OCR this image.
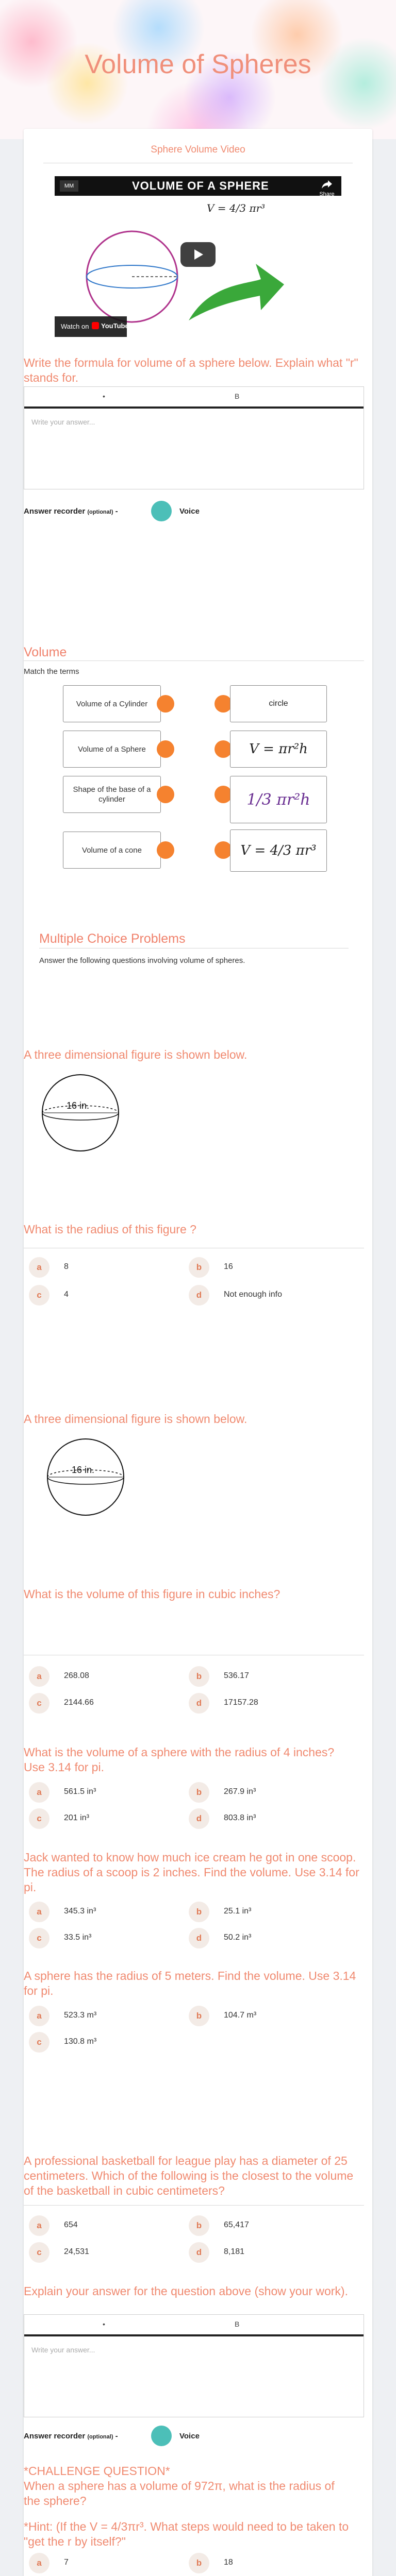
Volume of Spheres
Sphere Volume Video
MM	VOLUME OF A SPHERE
V = 4/3 πr³
Share
Watch on YouTube
Write the formula for volume of a sphere below. Explain what "r" stands for.
•	B
Write your answer...
Answer recorder (optional) -	Voice
Volume
Match the terms
Volume of a Cylinder	circle
Volume of a Sphere	V = πr²h
Shape of the base of a cylinder	1/3 πr²h
Volume of a cone	V = 4/3 πr³
Multiple Choice Problems
Answer the following questions involving volume of spheres.
A three dimensional figure is shown below.
16 in.
What is the radius of this figure ?
a	8	b	16
c	4	d	Not enough info
A three dimensional figure is shown below.
16 in.
What is the volume of this figure in cubic inches?
a	268.08	b	536.17
c	2144.66	d	17157.28
What is the volume of a sphere with the radius of 4 inches? Use 3.14 for pi.
a	561.5 in³	b	267.9 in³
c	201 in³	d	803.8 in³
Jack wanted to know how much ice cream he got in one scoop. The radius of a scoop is 2 inches. Find the volume. Use 3.14 for pi.
a	345.3 in³	b	25.1 in³
c	33.5 in³	d	50.2 in³
A sphere has the radius of 5 meters. Find the volume. Use 3.14 for pi.
a	523.3 m³	b	104.7 m³
c	130.8 m³
A professional basketball for league play has a diameter of 25 centimeters. Which of the following is the closest to the volume of the basketball in cubic centimeters?
a	654	b	65,417
c	24,531	d	8,181
Explain your answer for the question above (show your work).
•	B
Write your answer...
Answer recorder (optional) -	Voice
*CHALLENGE QUESTION*
When a sphere has a volume of 972π, what is the radius of the sphere?
*Hint: (If the V = 4/3πr³. What steps would need to be taken to "get the r by itself?"
a	7	b	18
